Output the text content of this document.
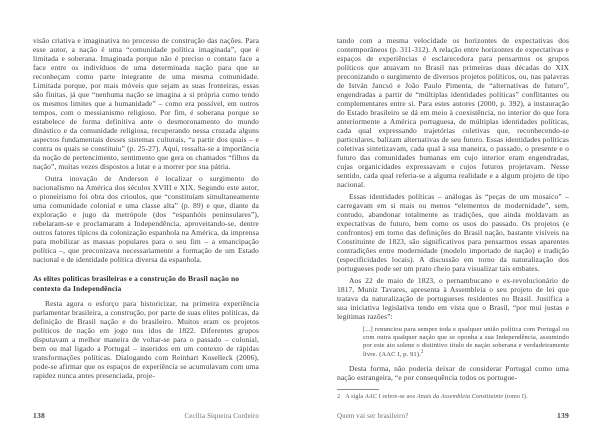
visão criativa e imaginativa no processo de construção das nações. Para esse autor, a nação é uma “comunidade política imaginada”, que é limitada e soberana. Imaginada porque não é preciso o contato face a face entre os indivíduos de uma determinada nação para que se reconheçam como parte integrante de uma mesma comunidade. Limitada porque, por mais móveis que sejam as suas fronteiras, essas são finitas, já que “nenhuma nação se imagina a si própria como tendo os mesmos limites que a humanidade” – como era possível, em outros tempos, com o messianismo religioso. Por fim, é soberana porque se estabelece de forma definitiva ante o desmoronamento do mundo dinástico e da comunidade religiosa, recuperando nessa cruzada alguns aspectos fundamentais desses sistemas culturais, “a partir dos quais – e contra os quais se constituiu” (p. 25-27). Aqui, ressalta-se a importância da noção de pertencimento, sentimento que gera os chamados “filhos da nação”, muitas vezes dispostos a lutar e a morrer por sua pátria.

Outra inovação de Anderson é localizar o surgimento do nacionalismo na América dos séculos XVIII e XIX. Segundo este autor, o pioneirismo foi obra dos crioulos, que “constituíam simultaneamente uma comunidade colonial e uma classe alta” (p. 89) e que, diante da exploração e jugo da metrópole (dos “espanhóis peninsulares”), rebelaram-se e proclamaram a Independência, aproveitando-se, dentre outros fatores típicos da colonização espanhola na América, da imprensa para mobilizar as massas populares para o seu fim – a emancipação política –, que preconizava necessariamente a formação de um Estado nacional e de identidade política diversa da espanhola.

As elites políticas brasileiras e a construção do Brasil nação no contexto da Independência

Resta agora o esforço para historicizar, na primeira experiência parlamentar brasileira, a construção, por parte de suas elites políticas, da definição de Brasil nação e do brasileiro. Muitos eram os projetos políticos de nação em jogo nos idos de 1822. Diferentes grupos disputavam a melhor maneira de voltar-se para o passado – colonial, bem ou mal ligado a Portugal – inseridos em um contexto de rápidas transformações políticas. Dialogando com Reinhart Koselleck (2006), pode-se afirmar que os espaços de experiência se acumulavam com uma rapidez nunca antes presenciada, proje-

138	Cecília Siqueira Cordeiro

tando com a mesma velocidade os horizontes de expectativas dos contemporâneos (p. 311-312). A relação entre horizontes de expectativas e espaços de experiências é esclarecedora para pensarmos os grupos políticos que atuavam no Brasil nas primeiras duas décadas do XIX preconizando o surgimento de diversos projetos políticos, ou, nas palavras de István Jancsó e João Paulo Pimenta, de “alternativas de futuro”, engendradas a partir de “múltiplas identidades políticas” conflitantes ou complementares entre si. Para estes autores (2000, p. 392), a instauração do Estado brasileiro se dá em meio à coexistência, no interior do que fora anteriormente a América portuguesa, de múltiplas identidades políticas, cada qual expressando trajetórias coletivas que, reconhecendo-se particulares, balizam alternativas de seu futuro. Essas identidades políticas coletivas sintetizavam, cada qual à sua maneira, o passado, o presente e o futuro das comunidades humanas em cujo interior eram engendradas, cujas organicidades expressavam e cujos futuros projetavam. Nesse sentido, cada qual referia-se a alguma realidade e a algum projeto de tipo nacional.

Essas identidades políticas – análogas às “peças de um mosaico” – carregavam em si mais ou menos “elementos de modernidade”, sem, contudo, abandonar totalmente as tradições, que ainda moldavam as expectativas de futuro, bem como os usos do passado. Os projetos (e confrontos) em torno das definições do Brasil nação, bastante visíveis na Constituinte de 1823, são significativos para pensarmos essas aparentes contradições entre modernidade (modelo importado de nação) e tradição (especificidades locais). A discussão em torno da naturalização dos portugueses pode ser um prato cheio para visualizar tais embates.

Aos 22 de maio de 1823, o pernambucano e ex-revolucionário de 1817, Muniz Tavares, apresenta à Assembleia o seu projeto de lei que tratava da naturalização de portugueses residentes no Brasil. Justifica a sua iniciativa legislativa tendo em vista que o Brasil, “por mui justas e legítimas razões”:

[...] renunciou para sempre toda e qualquer união política com Portugal ou com outra qualquer nação que se oponha a sua Independência, assumindo por este ato solene o distintivo título de nação soberana e verdadeiramente livre. (AAC I, p. 91).$^2$

Desta forma, não poderia deixar de considerar Portugal como uma nação estrangeira, “e por consequência todos os portugue-

2 A sigla AAC I refere-se aos Anais da Assembleia Constituinte (tomo I).
Quem vai ser brasileiro?	139
